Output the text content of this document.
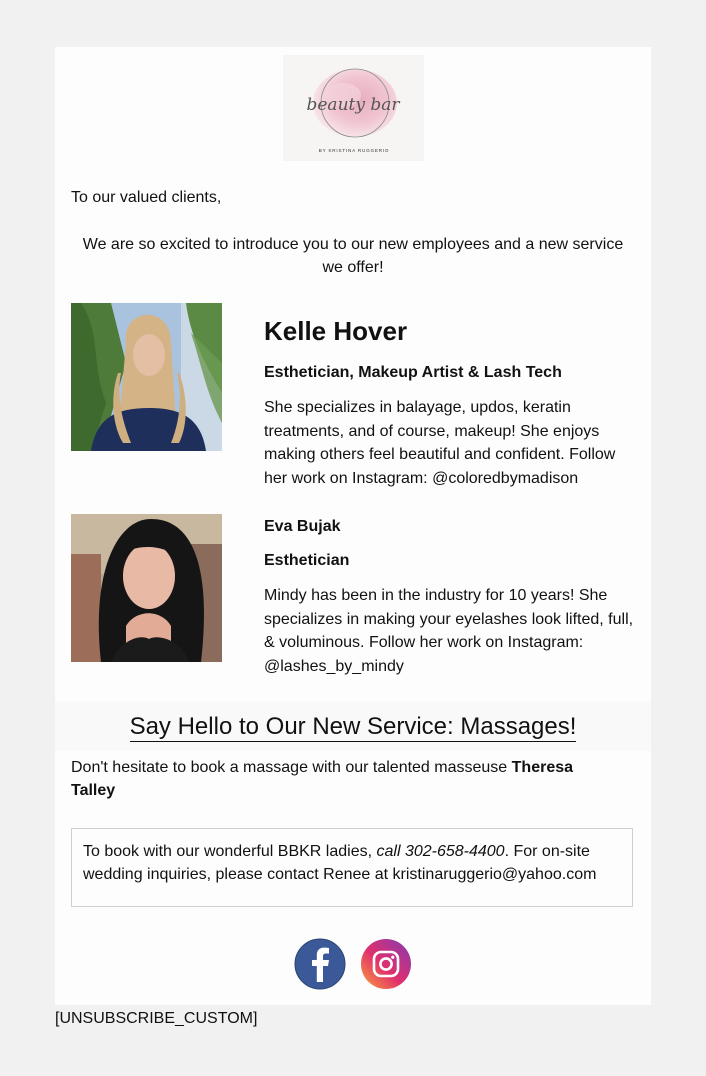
beauty bar
BY KRISTINA RUGGERIO
To our valued clients,
We are so excited to introduce you to our new employees and a new service we offer!

Kelle Hover

Esthetician, Makeup Artist & Lash Tech

She specializes in balayage, updos, keratin treatments, and of course, makeup! She enjoys making others feel beautiful and confident. Follow her work on Instagram: @coloredbymadison

Eva Bujak

Esthetician

Mindy has been in the industry for 10 years! She specializes in making your eyelashes look lifted, full, & voluminous. Follow her work on Instagram: @lashes_by_mindy

Say Hello to Our New Service: Massages!
Don't hesitate to book a massage with our talented masseuse Theresa Talley
To book with our wonderful BBKR ladies, call 302-658-4400. For on-site wedding inquiries, please contact Renee at kristinaruggerio@yahoo.com
[UNSUBSCRIBE_CUSTOM]
